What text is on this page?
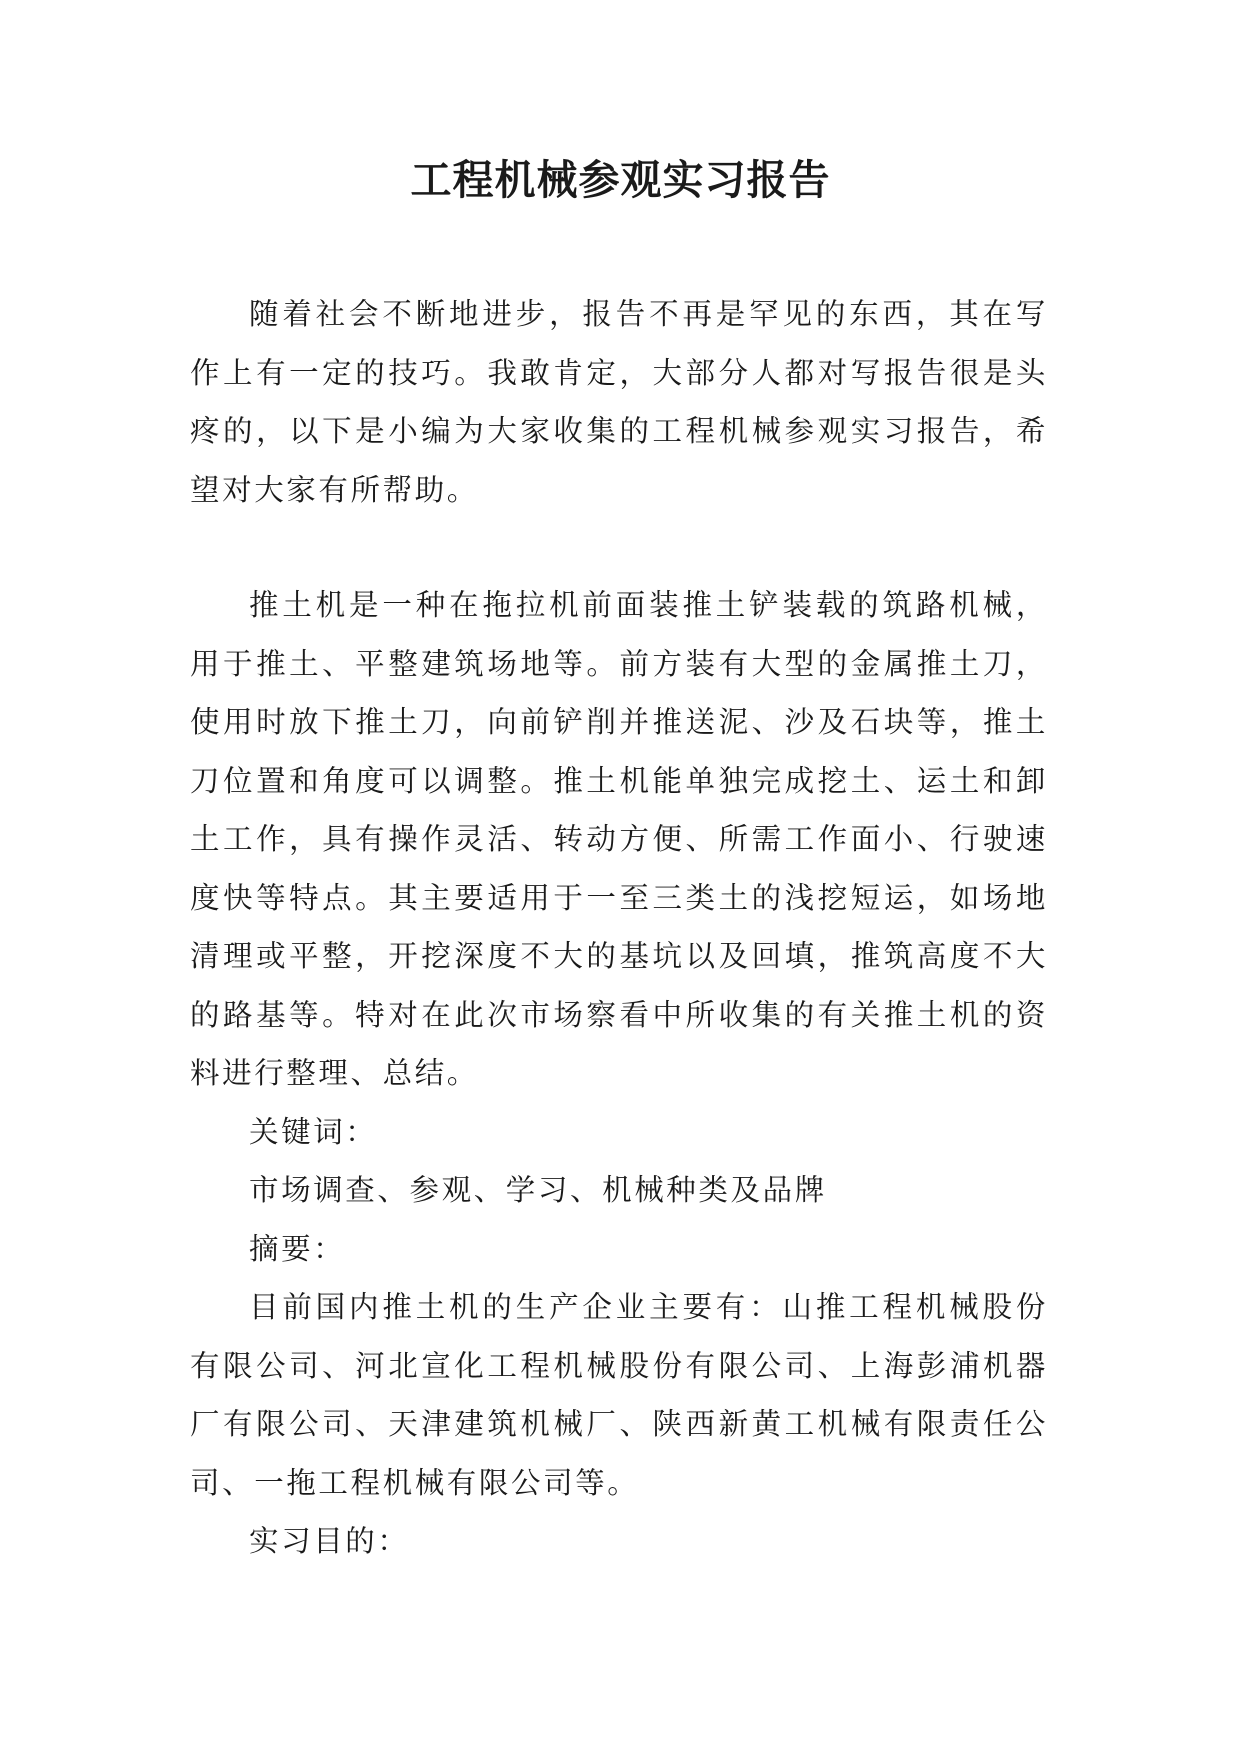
工程机械参观实习报告

随着社会不断地进步，报告不再是罕见的东西，其在写作上有一定的技巧。我敢肯定，大部分人都对写报告很是头疼的，以下是小编为大家收集的工程机械参观实习报告，希望对大家有所帮助。

推土机是一种在拖拉机前面装推土铲装载的筑路机械，用于推土、平整建筑场地等。前方装有大型的金属推土刀，使用时放下推土刀，向前铲削并推送泥、沙及石块等，推土刀位置和角度可以调整。推土机能单独完成挖土、运土和卸土工作，具有操作灵活、转动方便、所需工作面小、行驶速度快等特点。其主要适用于一至三类土的浅挖短运，如场地清理或平整，开挖深度不大的基坑以及回填，推筑高度不大的路基等。特对在此次市场察看中所收集的有关推土机的资料进行整理、总结。

关键词：

市场调查、参观、学习、机械种类及品牌

摘要：

目前国内推土机的生产企业主要有：山推工程机械股份有限公司、河北宣化工程机械股份有限公司、上海彭浦机器厂有限公司、天津建筑机械厂、陕西新黄工机械有限责任公司、一拖工程机械有限公司等。

实习目的：
